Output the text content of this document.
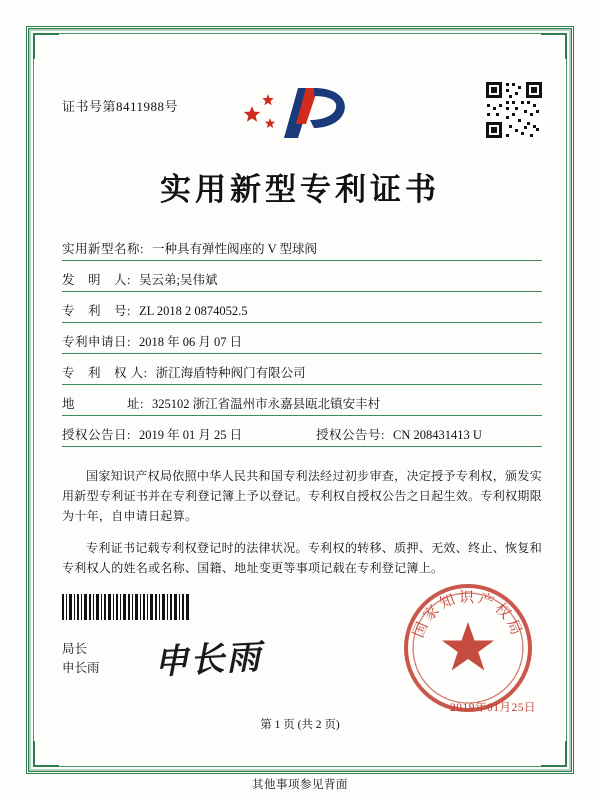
证书号第8411988号
实用新型专利证书
实用新型名称: 一种具有弹性阀座的 V 型球阀
发　明　人: 吴云弟;吴伟斌
专　利　号: ZL 2018 2 0874052.5
专利申请日: 2018 年 06 月 07 日
专　利　权 人: 浙江海盾特种阀门有限公司
地　　　　址: 325102 浙江省温州市永嘉县瓯北镇安丰村
授权公告日: 2019 年 01 月 25 日	授权公告号: CN 208431413 U

国家知识产权局依照中华人民共和国专利法经过初步审查，决定授予专利权，颁发实用新型专利证书并在专利登记簿上予以登记。专利权自授权公告之日起生效。专利权期限为十年，自申请日起算。

专利证书记载专利权登记时的法律状况。专利权的转移、质押、无效、终止、恢复和专利权人的姓名或名称、国籍、地址变更等事项记载在专利登记簿上。

局长
申长雨 申长雨
国家知识产权局
2019年01月25日
第 1 页 (共 2 页)
其他事项参见背面
